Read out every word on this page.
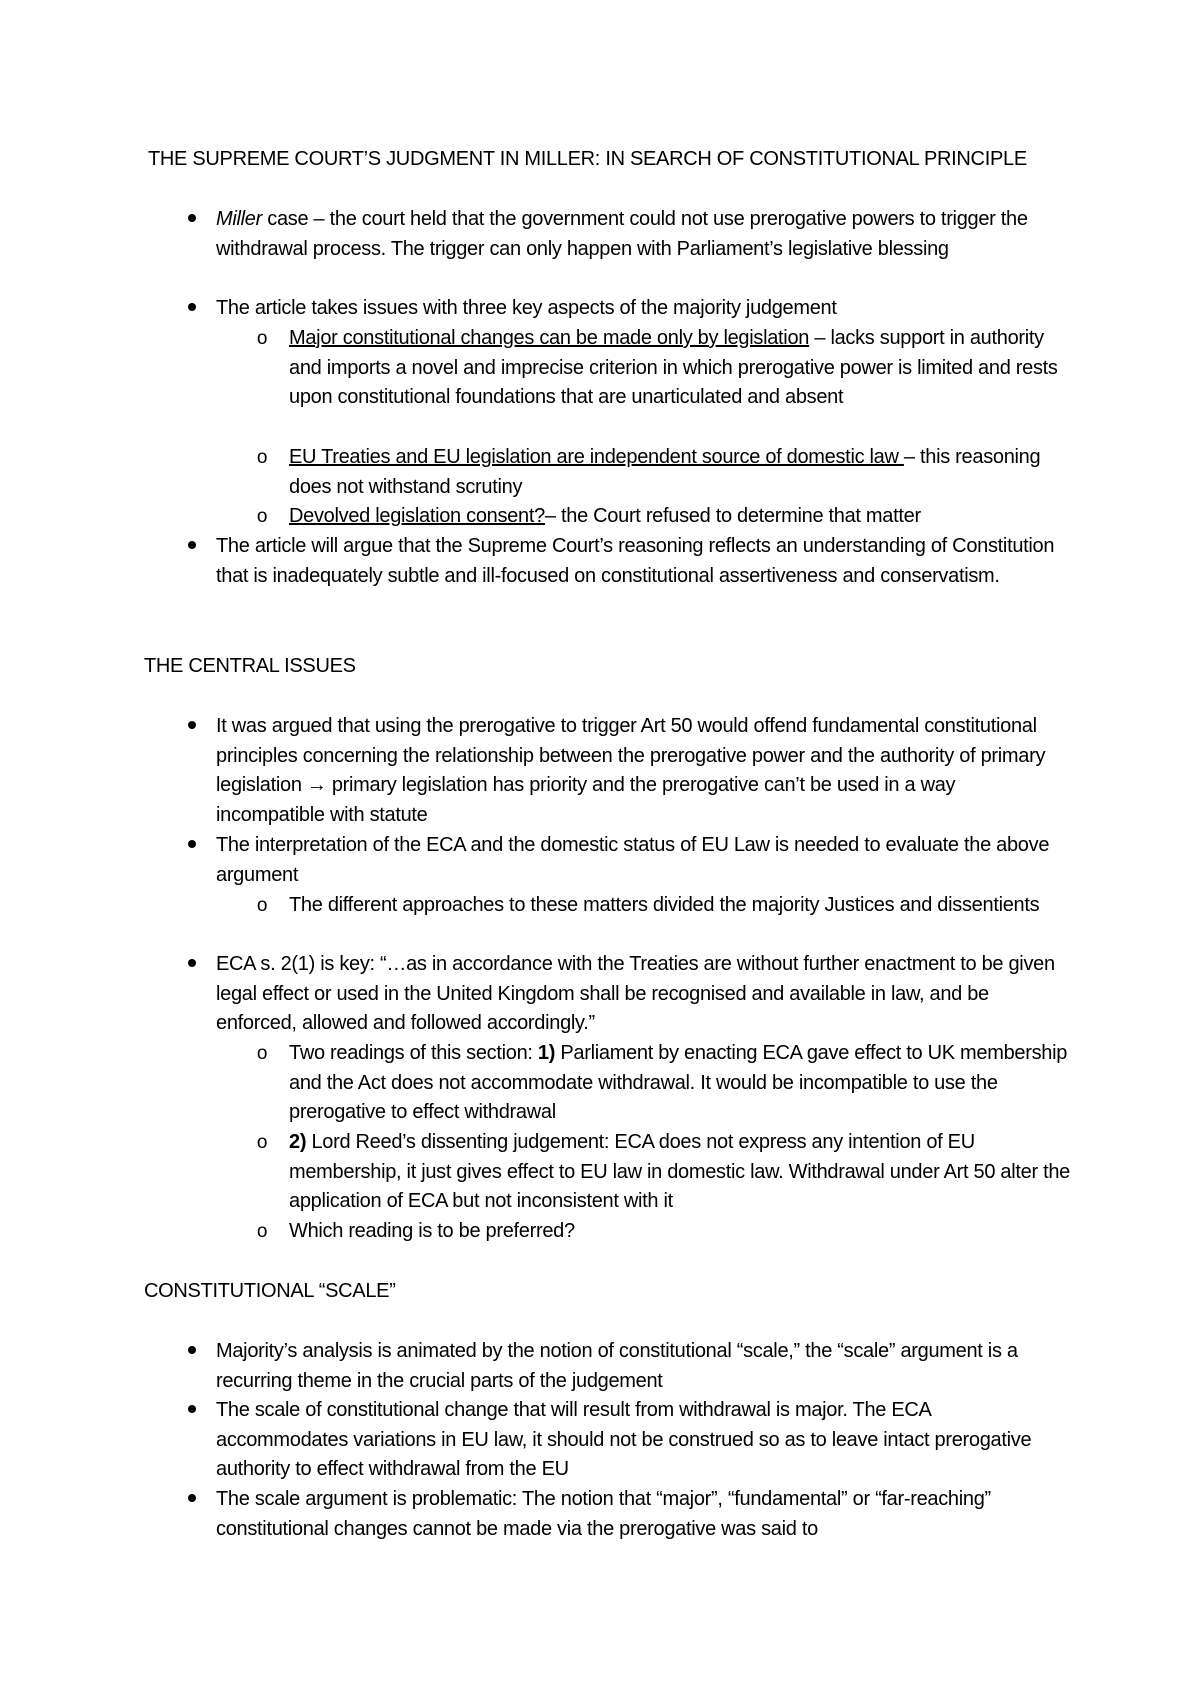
THE SUPREME COURT’S JUDGMENT IN MILLER: IN SEARCH OF CONSTITUTIONAL PRINCIPLE
Miller case – the court held that the government could not use prerogative powers to trigger the withdrawal process. The trigger can only happen with Parliament’s legislative blessing
The article takes issues with three key aspects of the majority judgement
o Major constitutional changes can be made only by legislation – lacks support in authority and imports a novel and imprecise criterion in which prerogative power is limited and rests upon constitutional foundations that are unarticulated and absent
o EU Treaties and EU legislation are independent source of domestic law – this reasoning does not withstand scrutiny
o Devolved legislation consent?– the Court refused to determine that matter
The article will argue that the Supreme Court’s reasoning reflects an understanding of Constitution that is inadequately subtle and ill-focused on constitutional assertiveness and conservatism.
THE CENTRAL ISSUES
It was argued that using the prerogative to trigger Art 50 would offend fundamental constitutional principles concerning the relationship between the prerogative power and the authority of primary legislation → primary legislation has priority and the prerogative can’t be used in a way incompatible with statute
The interpretation of the ECA and the domestic status of EU Law is needed to evaluate the above argument
o The different approaches to these matters divided the majority Justices and dissentients
ECA s. 2(1) is key: “…as in accordance with the Treaties are without further enactment to be given legal effect or used in the United Kingdom shall be recognised and available in law, and be enforced, allowed and followed accordingly.”
o Two readings of this section: 1) Parliament by enacting ECA gave effect to UK membership and the Act does not accommodate withdrawal. It would be incompatible to use the prerogative to effect withdrawal
o 2) Lord Reed’s dissenting judgement: ECA does not express any intention of EU membership, it just gives effect to EU law in domestic law. Withdrawal under Art 50 alter the application of ECA but not inconsistent with it
o Which reading is to be preferred?
CONSTITUTIONAL “SCALE”
Majority’s analysis is animated by the notion of constitutional “scale,” the “scale” argument is a recurring theme in the crucial parts of the judgement
The scale of constitutional change that will result from withdrawal is major. The ECA accommodates variations in EU law, it should not be construed so as to leave intact prerogative authority to effect withdrawal from the EU
The scale argument is problematic: The notion that “major”, “fundamental” or “far-reaching” constitutional changes cannot be made via the prerogative was said to
